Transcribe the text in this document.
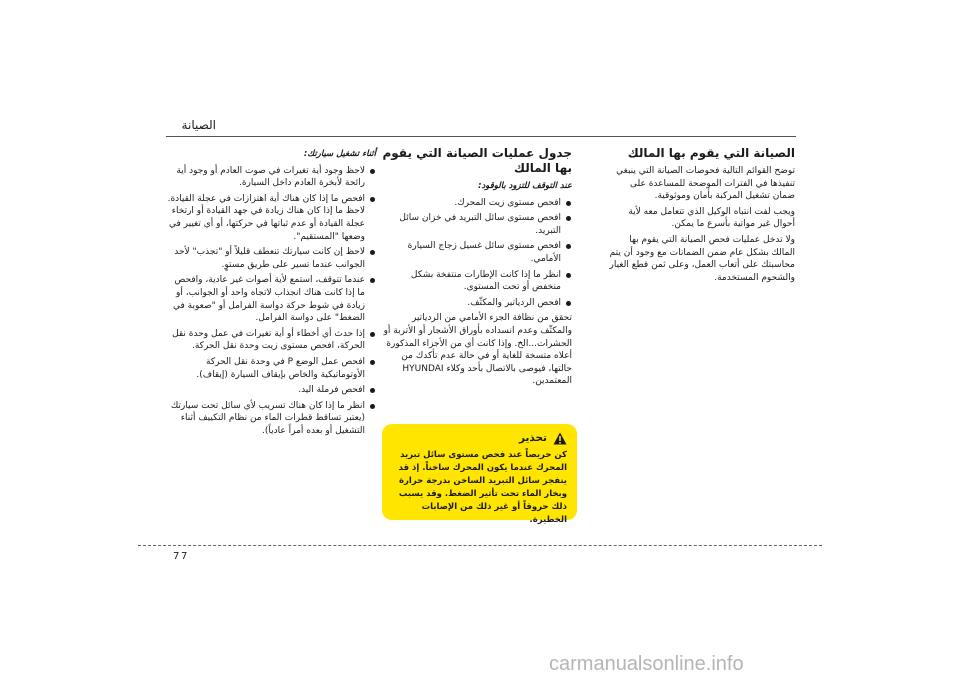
الصيانة
الصيانة التي يقوم بها المالك

توضح القوائم التالية فحوصات الصيانة التي ينبغي تنفيذها في الفترات الموضحة للمساعدة على ضمان تشغيل المركبة بأمان وموثوقية.

ويجب لفت انتباه الوكيل الذي تتعامل معه لأية أحوال غير مواتية بأسرع ما يمكن.

ولا تدخل عمليات فحص الصيانة التي يقوم بها المالك بشكل عام ضمن الضمانات مع وجود أن يتم محاسبتك على أتعاب العمل، وعلى ثمن قطع الغيار والشحوم المستخدمة.

جدول عمليات الصيانة التي يقوم بها المالك
عند التوقف للتزود بالوقود:
افحص مستوى زيت المحرك.
افحص مستوى سائل التبريد في خزان سائل التبريد.
افحص مستوى سائل غسيل زجاج السيارة الأمامي.
انظر ما إذا كانت الإطارات منتفخة بشكل منخفض أو تحت المستوى.
افحص الردياتير والمكثّف.

تحقق من نظافة الجزء الأمامي من الردياتير والمكثّف وعدم انسداده بأوراق الأشجار أو الأتربة أو الحشرات...الخ. وإذا كانت أي من الأجزاء المذكورة أعلاه متسخة للغاية أو في حالة عدم تأكدك من حالتها، فيوصى بالاتصال بأحد وكلاء HYUNDAI المعتمدين.

تحذير
كن حريصاً عند فحص مستوى سائل تبريد المحرك عندما يكون المحرك ساخناً. إذ قد ينفجر سائل التبريد الساخن بدرجة حرارة وبخار الماء تحت تأثير الضغط. وقد يسبب ذلك حروقاً أو غير ذلك من الإصابات الخطيرة.
أثناء تشغيل سيارتك:
لاحظ وجود أية تغيرات في صوت العادم أو وجود أية رائحة لأبخرة العادم داخل السيارة.
افحص ما إذا كان هناك أية اهتزازات في عجلة القيادة. لاحظ ما إذا كان هناك زيادة في جهد القيادة أو ارتخاء عجلة القيادة أو عدم ثباتها في حركتها، أو أي تغيير في وضعها "المستقيم".
لاحظ إن كانت سيارتك تنعطف قليلاً أو "تجذب" لأحد الجوانب عندما تسير على طريق مستوٍ.
عندما تتوقف، استمع لأية أصوات غير عادية، وافحص ما إذا كانت هناك انجذاب لاتجاه واحد أو الجوانب، أو زيادة في شوط حركة دواسة الفرامل أو "صعوبة في الضغط" على دواسة الفرامل.
إذا حدث أي أخطاء أو أية تغيرات في عمل وحدة نقل الحركة، افحص مستوى زيت وحدة نقل الحركة.
افحص عمل الوضع P في وحدة نقل الحركة الأوتوماتيكية والخاص بإيقاف السيارة (إيقاف).
افحص فرملة اليد.
انظر ما إذا كان هناك تسريب لأي سائل تحت سيارتك (يعتبر تساقط قطرات الماء من نظام التكييف أثناء التشغيل أو بعده أمراً عادياً).
7 7
carmanualsonline.info
